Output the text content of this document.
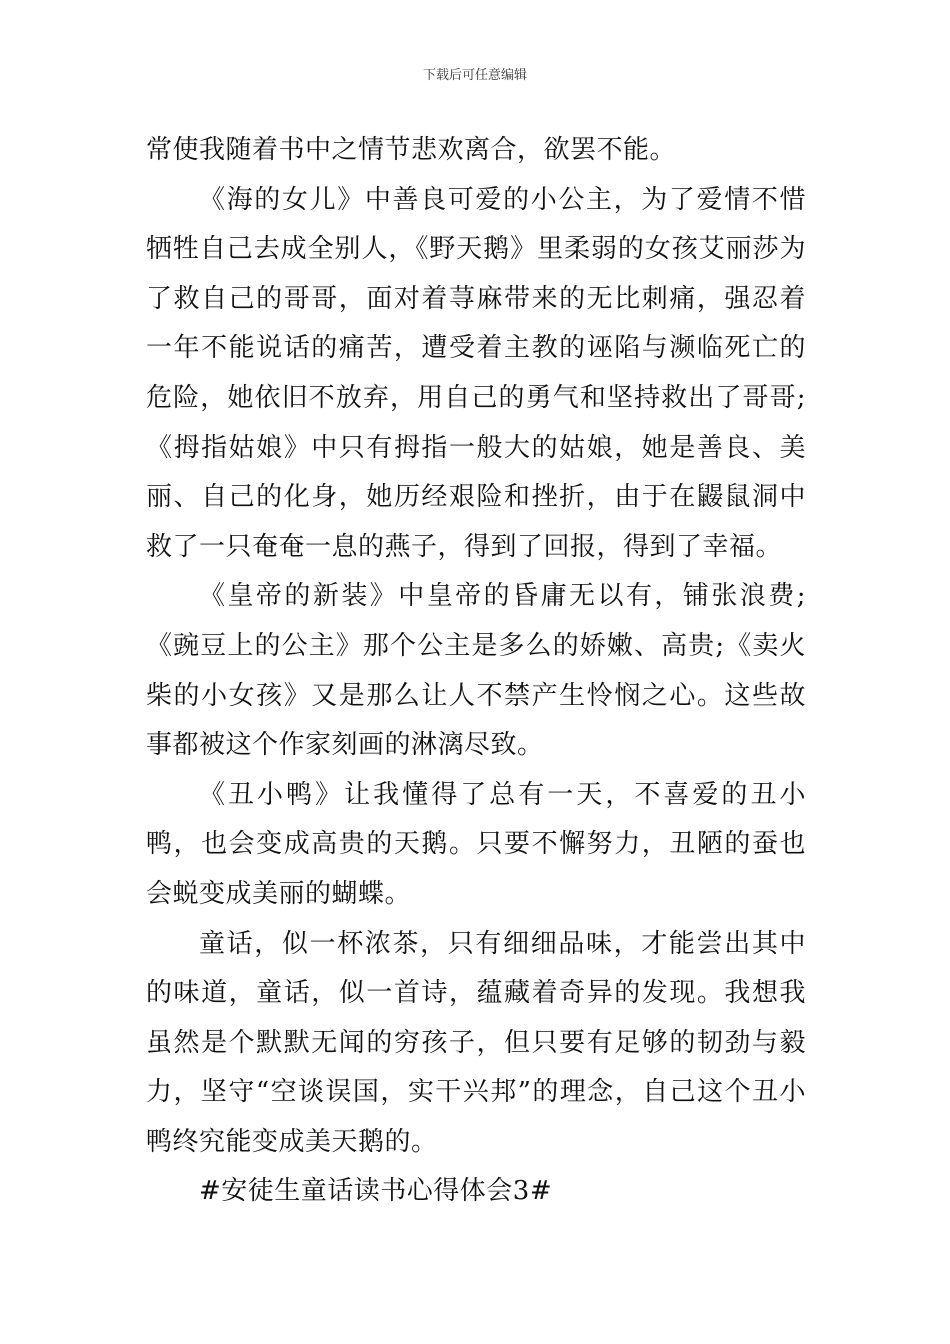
下载后可任意编辑

常使我随着书中之情节悲欢离合，欲罢不能。

《海的女儿》中善良可爱的小公主，为了爱情不惜牺牲自己去成全别人，《野天鹅》里柔弱的女孩艾丽莎为了救自己的哥哥，面对着荨麻带来的无比刺痛，强忍着一年不能说话的痛苦，遭受着主教的诬陷与濒临死亡的危险，她依旧不放弃，用自己的勇气和坚持救出了哥哥;《拇指姑娘》中只有拇指一般大的姑娘，她是善良、美丽、自己的化身，她历经艰险和挫折，由于在鼹鼠洞中救了一只奄奄一息的燕子，得到了回报，得到了幸福。

《皇帝的新装》中皇帝的昏庸无以有，铺张浪费;《豌豆上的公主》那个公主是多么的娇嫩、高贵;《卖火柴的小女孩》又是那么让人不禁产生怜悯之心。这些故事都被这个作家刻画的淋漓尽致。

《丑小鸭》让我懂得了总有一天，不喜爱的丑小鸭，也会变成高贵的天鹅。只要不懈努力，丑陋的蚕也会蜕变成美丽的蝴蝶。

童话，似一杯浓茶，只有细细品味，才能尝出其中的味道，童话，似一首诗，蕴藏着奇异的发现。我想我虽然是个默默无闻的穷孩子，但只要有足够的韧劲与毅力，坚守“空谈误国，实干兴邦”的理念，自己这个丑小鸭终究能变成美天鹅的。

#安徒生童话读书心得体会3#
